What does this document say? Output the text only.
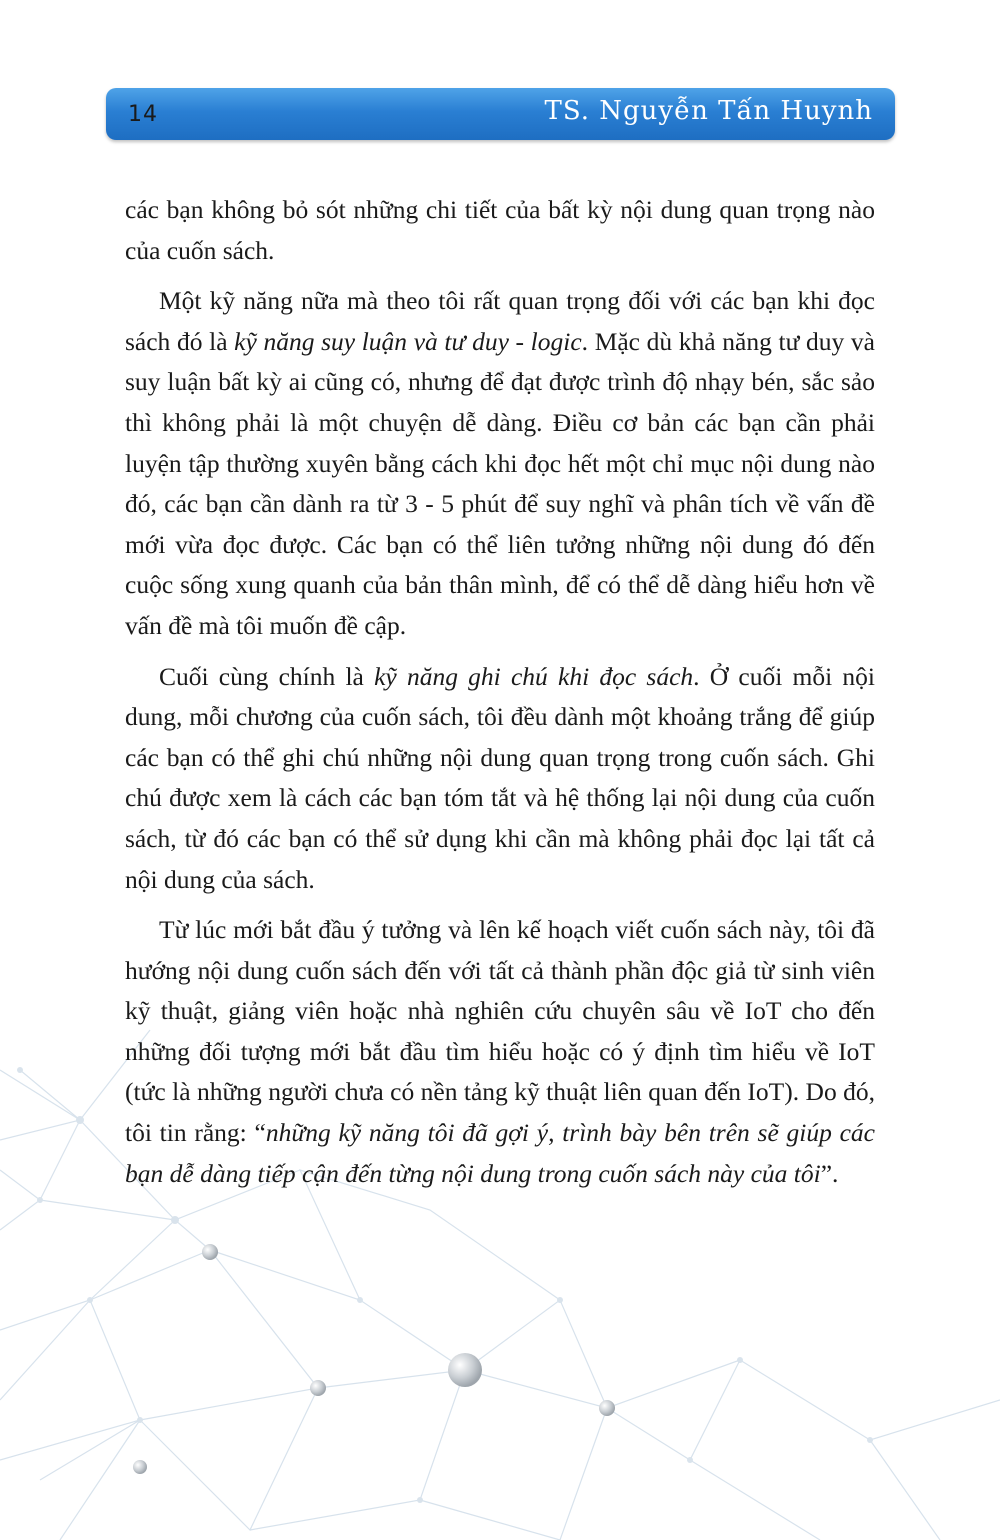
14	TS. Nguyễn Tấn Huynh

các bạn không bỏ sót những chi tiết của bất kỳ nội dung quan trọng nào của cuốn sách.

Một kỹ năng nữa mà theo tôi rất quan trọng đối với các bạn khi đọc sách đó là kỹ năng suy luận và tư duy - logic. Mặc dù khả năng tư duy và suy luận bất kỳ ai cũng có, nhưng để đạt được trình độ nhạy bén, sắc sảo thì không phải là một chuyện dễ dàng. Điều cơ bản các bạn cần phải luyện tập thường xuyên bằng cách khi đọc hết một chỉ mục nội dung nào đó, các bạn cần dành ra từ 3 - 5 phút để suy nghĩ và phân tích về vấn đề mới vừa đọc được. Các bạn có thể liên tưởng những nội dung đó đến cuộc sống xung quanh của bản thân mình, để có thể dễ dàng hiểu hơn về vấn đề mà tôi muốn đề cập.

Cuối cùng chính là kỹ năng ghi chú khi đọc sách. Ở cuối mỗi nội dung, mỗi chương của cuốn sách, tôi đều dành một khoảng trắng để giúp các bạn có thể ghi chú những nội dung quan trọng trong cuốn sách. Ghi chú được xem là cách các bạn tóm tắt và hệ thống lại nội dung của cuốn sách, từ đó các bạn có thể sử dụng khi cần mà không phải đọc lại tất cả nội dung của sách.

Từ lúc mới bắt đầu ý tưởng và lên kế hoạch viết cuốn sách này, tôi đã hướng nội dung cuốn sách đến với tất cả thành phần độc giả từ sinh viên kỹ thuật, giảng viên hoặc nhà nghiên cứu chuyên sâu về IoT cho đến những đối tượng mới bắt đầu tìm hiểu hoặc có ý định tìm hiểu về IoT (tức là những người chưa có nền tảng kỹ thuật liên quan đến IoT). Do đó, tôi tin rằng: “những kỹ năng tôi đã gợi ý, trình bày bên trên sẽ giúp các bạn dễ dàng tiếp cận đến từng nội dung trong cuốn sách này của tôi”.
